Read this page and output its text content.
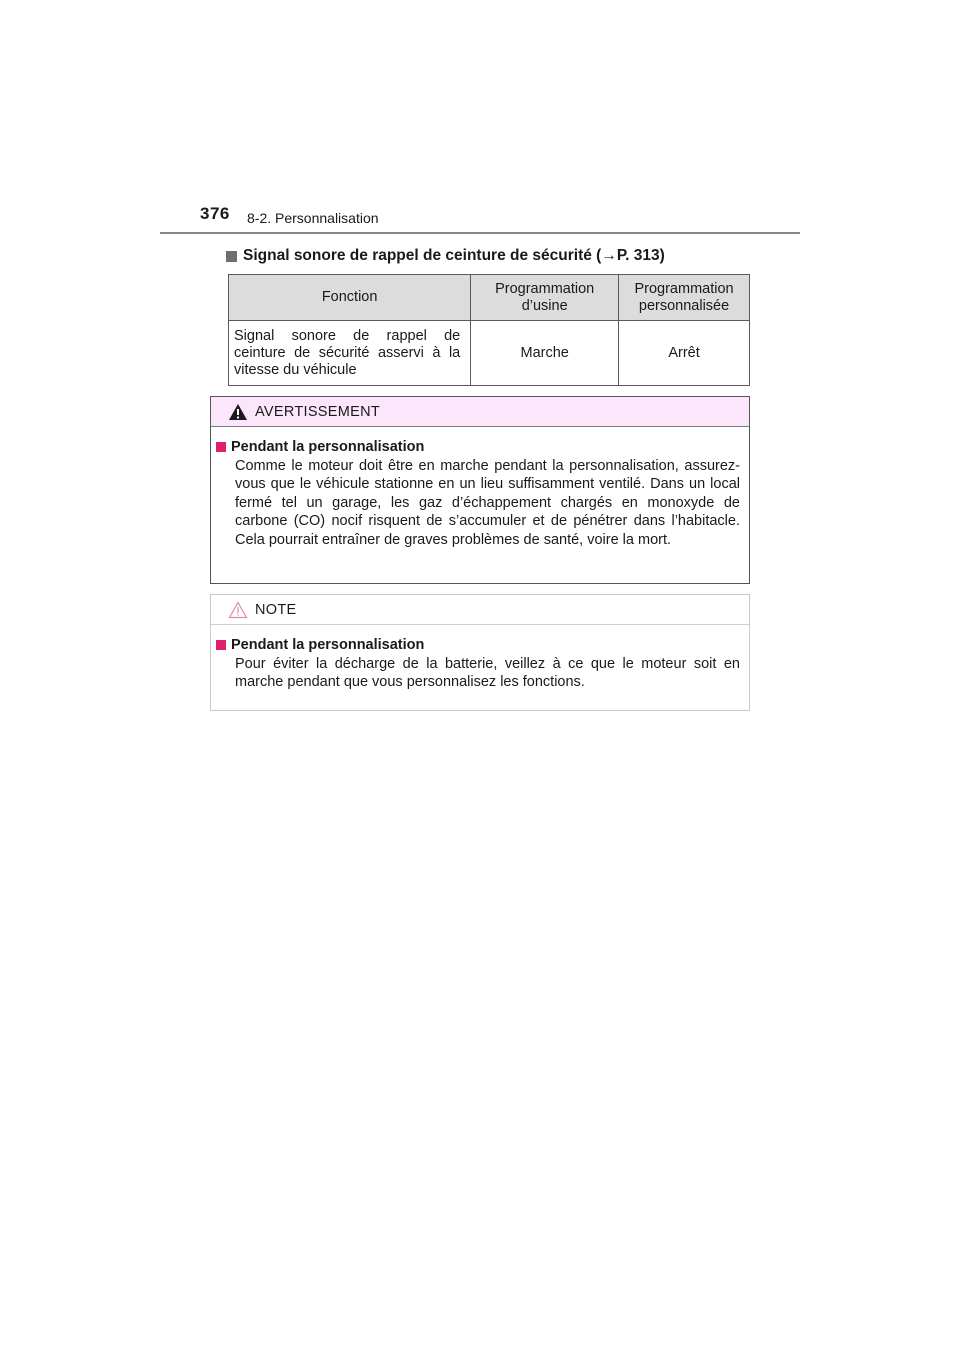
376 8-2. Personnalisation
Signal sonore de rappel de ceinture de sécurité (→P. 313)
Fonction	Programmation d’usine	Programmation personnalisée
Signal sonore de rappel de ceinture de sécurité asservi à la vitesse du véhicule	Marche	Arrêt
AVERTISSEMENT
Pendant la personnalisation
Comme le moteur doit être en marche pendant la personnalisation, assurez-vous que le véhicule stationne en un lieu suffisamment ventilé. Dans un local fermé tel un garage, les gaz d’échappement chargés en monoxyde de carbone (CO) nocif risquent de s’accumuler et de pénétrer dans l’habitacle. Cela pourrait entraîner de graves problèmes de santé, voire la mort.
NOTE
Pendant la personnalisation
Pour éviter la décharge de la batterie, veillez à ce que le moteur soit en marche pendant que vous personnalisez les fonctions.
